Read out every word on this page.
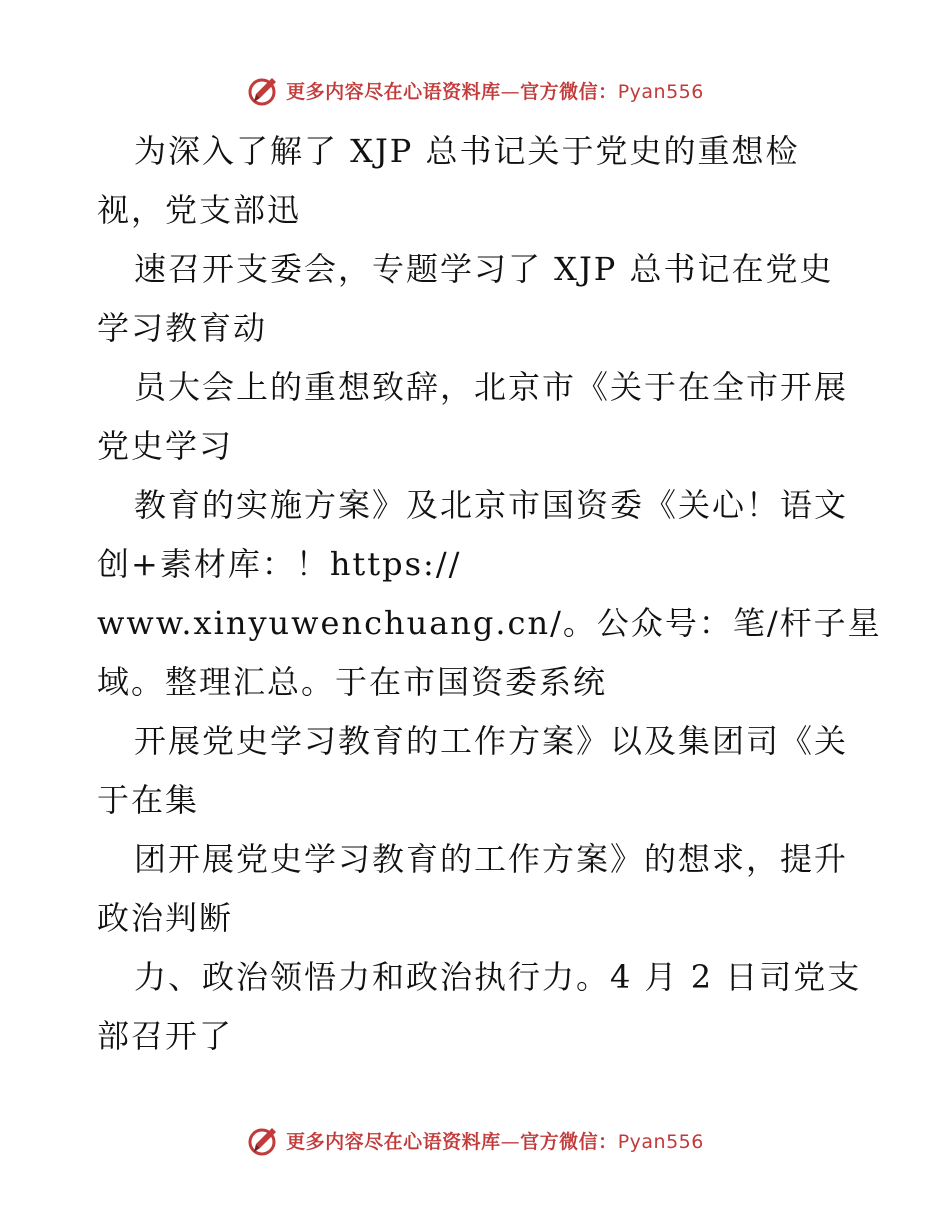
更多内容尽在心语资料库—官方微信：Pyan556
为深入了解了 XJP 总书记关于党史的重想检
视，党支部迅
速召开支委会，专题学习了 XJP 总书记在党史
学习教育动
员大会上的重想致辞，北京市《关于在全市开展
党史学习
教育的实施方案》及北京市国资委《关心！语文
创+素材库：！https://
www.xinyuwenchuang.cn/。公众号：笔/杆子星
域。整理汇总。于在市国资委系统
开展党史学习教育的工作方案》以及集团司《关
于在集
团开展党史学习教育的工作方案》的想求，提升
政治判断
力、政治领悟力和政治执行力。4 月 2 日司党支
部召开了
更多内容尽在心语资料库—官方微信：Pyan556
